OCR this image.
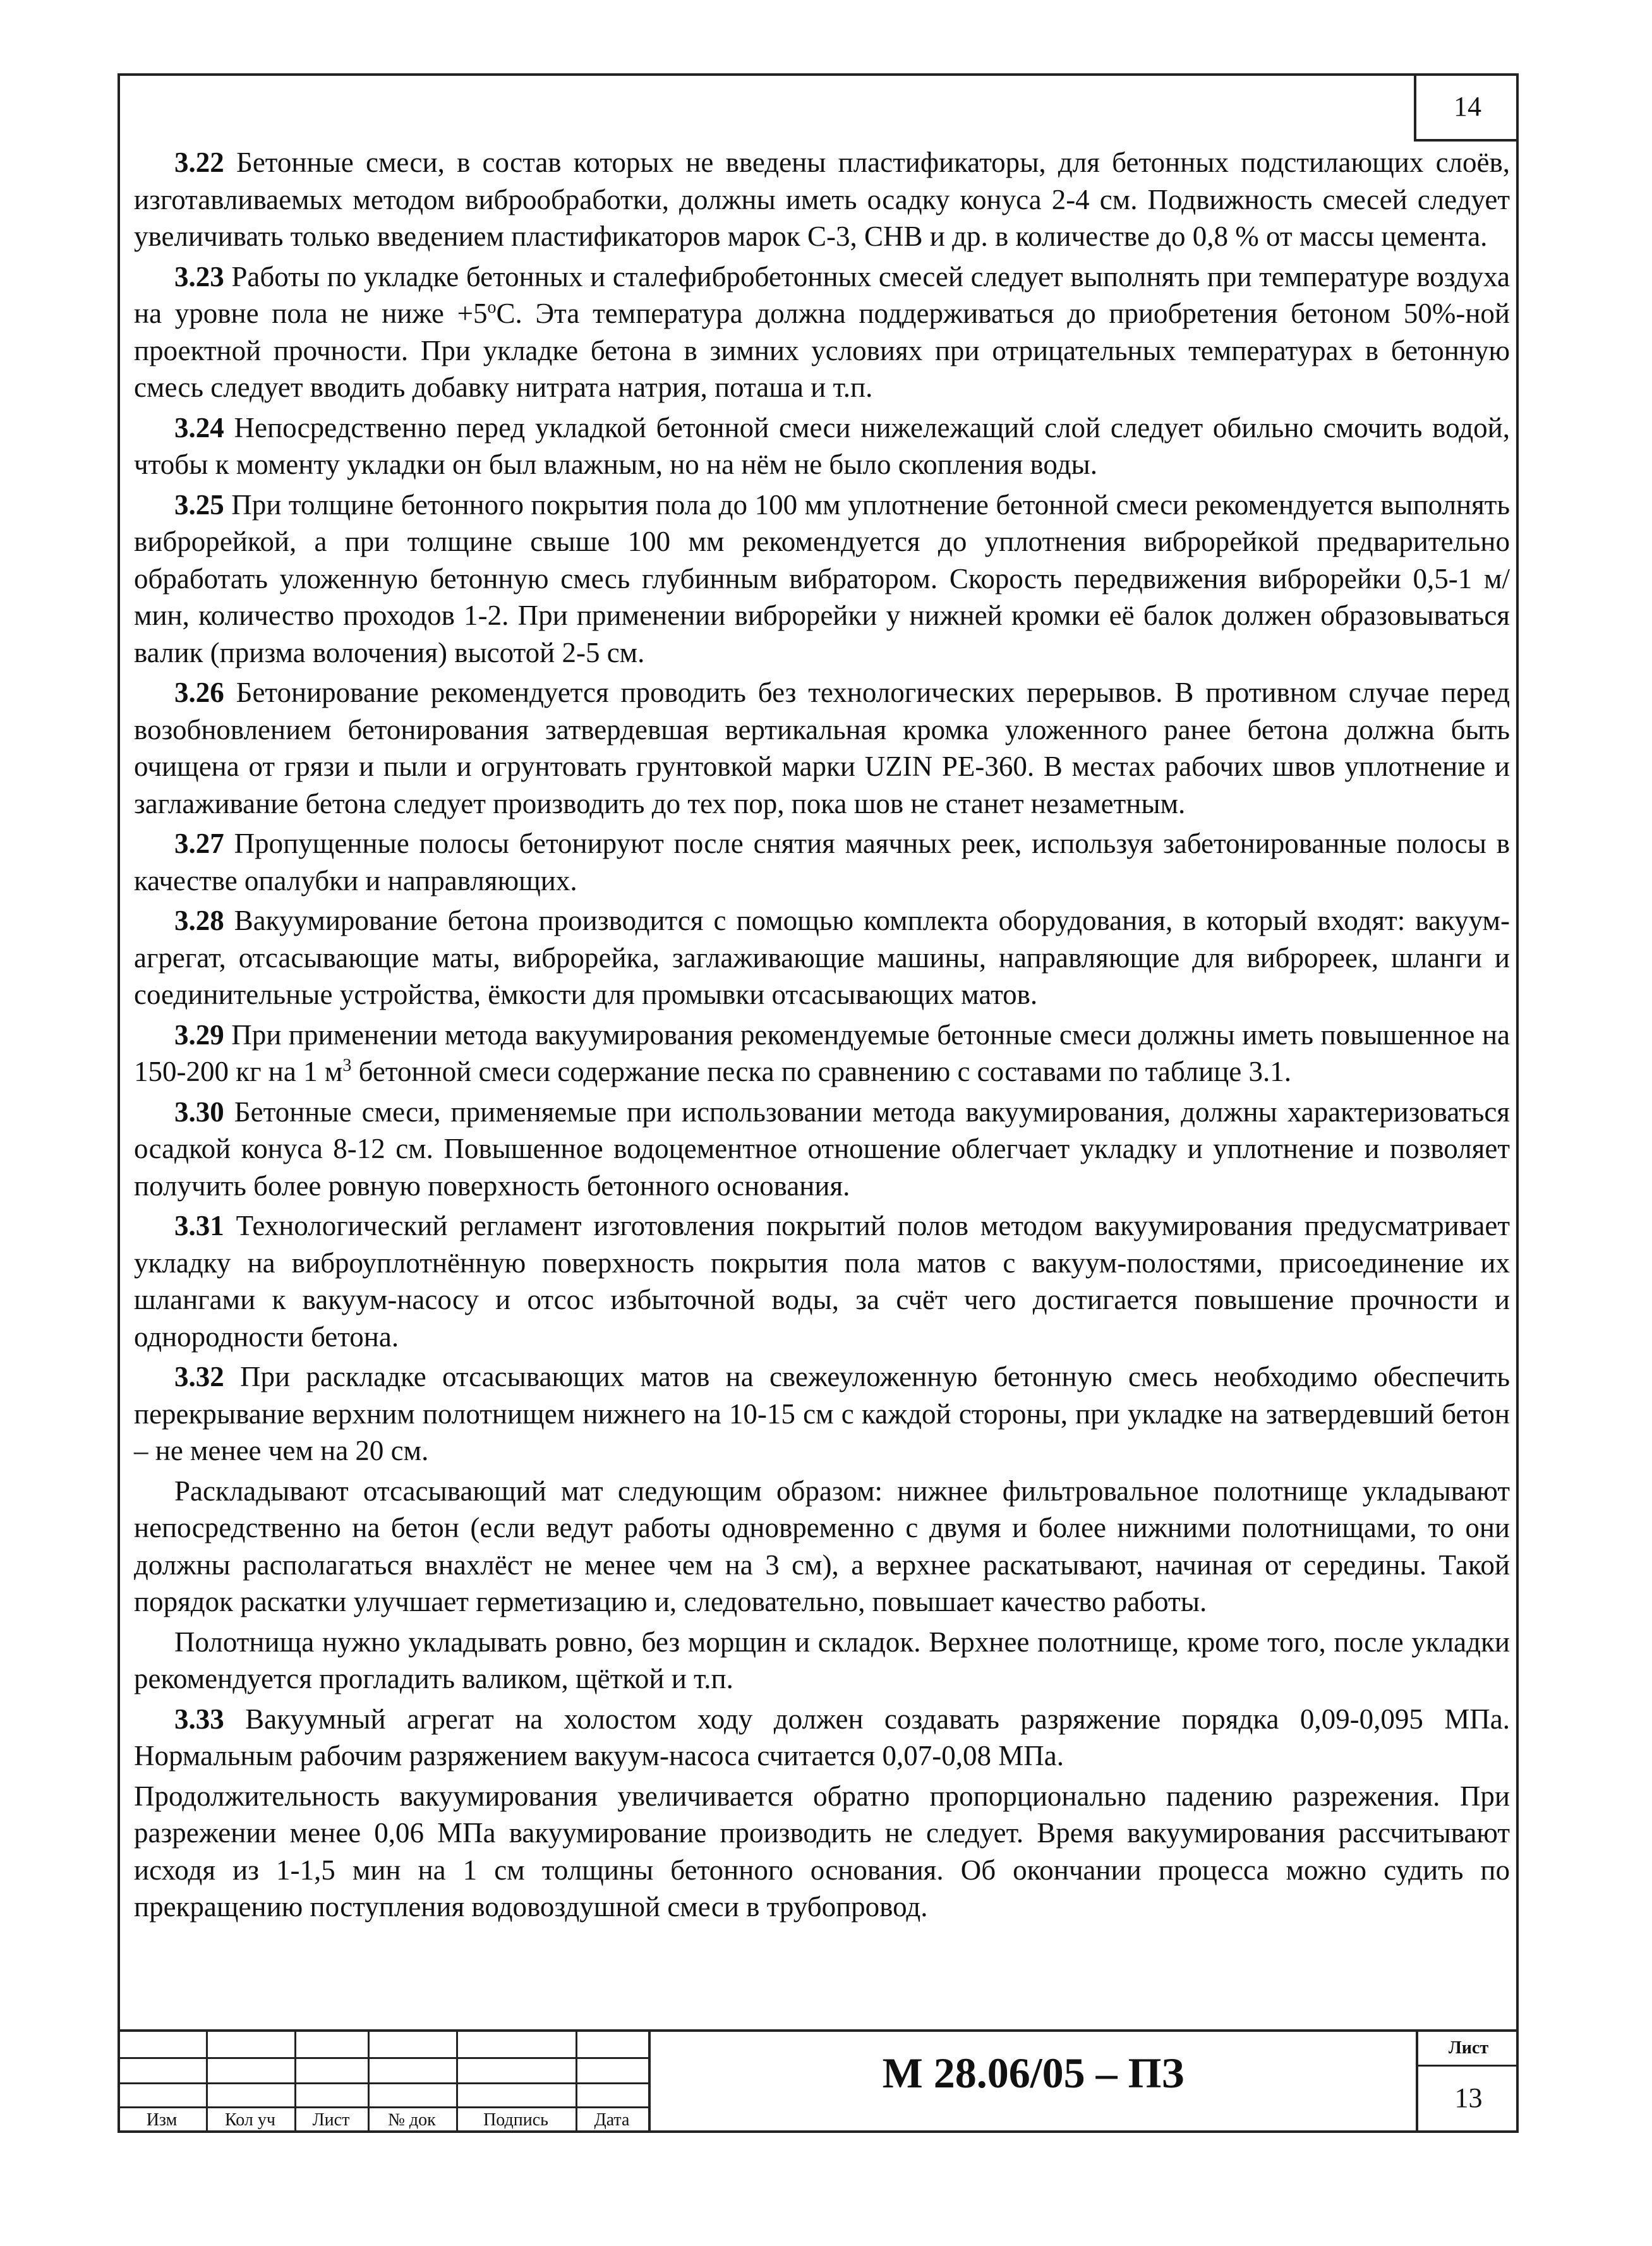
14

3.22 Бетонные смеси, в состав которых не введены пластификаторы, для бетонных подстилающих слоёв, изготавливаемых методом виброобработки, должны иметь осадку конуса 2-4 см. Подвижность смесей следует увеличивать только введением пластификаторов марок С-3, СНВ и др. в количестве до 0,8 % от массы цемента.

3.23 Работы по укладке бетонных и сталефибробетонных смесей следует выполнять при температуре воздуха на уровне пола не ниже $+5^oС$. Эта температура должна поддерживаться до приобретения бетоном 50%-ной проектной прочности. При укладке бетона в зимних условиях при отрицательных температурах в бетонную смесь следует вводить добавку нитрата натрия, поташа и т.п.

3.24 Непосредственно перед укладкой бетонной смеси нижележащий слой следует обильно смочить водой, чтобы к моменту укладки он был влажным, но на нём не было скопления воды.

3.25 При толщине бетонного покрытия пола до 100 мм уплотнение бетонной смеси рекомендуется выполнять виброрейкой, а при толщине свыше 100 мм рекомендуется до уплотнения виброрейкой предварительно обработать уложенную бетонную смесь глубинным вибратором. Скорость передвижения виброрейки 0,5-1 м/мин, количество проходов 1-2. При применении виброрейки у нижней кромки её балок должен образовываться валик (призма волочения) высотой 2-5 см.

3.26 Бетонирование рекомендуется проводить без технологических перерывов. В противном случае перед возобновлением бетонирования затвердевшая вертикальная кромка уложенного ранее бетона должна быть очищена от грязи и пыли и огрунтовать грунтовкой марки UZIN PE-360. В местах рабочих швов уплотнение и заглаживание бетона следует производить до тех пор, пока шов не станет незаметным.

3.27 Пропущенные полосы бетонируют после снятия маячных реек, используя забетонированные полосы в качестве опалубки и направляющих.

3.28 Вакуумирование бетона производится с помощью комплекта оборудования, в который входят: вакуум-агрегат, отсасывающие маты, виброрейка, заглаживающие машины, направляющие для виброреек, шланги и соединительные устройства, ёмкости для промывки отсасывающих матов.

3.29 При применении метода вакуумирования рекомендуемые бетонные смеси должны иметь повышенное на 150-200 кг на 1 $м^3$ бетонной смеси содержание песка по сравнению с составами по таблице 3.1.

3.30 Бетонные смеси, применяемые при использовании метода вакуумирования, должны характеризоваться осадкой конуса 8-12 см. Повышенное водоцементное отношение облегчает укладку и уплотнение и позволяет получить более ровную поверхность бетонного основания.

3.31 Технологический регламент изготовления покрытий полов методом вакуумирования предусматривает укладку на виброуплотнённую поверхность покрытия пола матов с вакуум-полостями, присоединение их шлангами к вакуум-насосу и отсос избыточной воды, за счёт чего достигается повышение прочности и однородности бетона.

3.32 При раскладке отсасывающих матов на свежеуложенную бетонную смесь необходимо обеспечить перекрывание верхним полотнищем нижнего на 10-15 см с каждой стороны, при укладке на затвердевший бетон – не менее чем на 20 см.

Раскладывают отсасывающий мат следующим образом: нижнее фильтровальное полотнище укладывают непосредственно на бетон (если ведут работы одновременно с двумя и более нижними полотнищами, то они должны располагаться внахлёст не менее чем на 3 см), а верхнее раскатывают, начиная от середины. Такой порядок раскатки улучшает герметизацию и, следовательно, повышает качество работы.

Полотнища нужно укладывать ровно, без морщин и складок. Верхнее полотнище, кроме того, после укладки рекомендуется прогладить валиком, щёткой и т.п.

3.33 Вакуумный агрегат на холостом ходу должен создавать разряжение порядка 0,09-0,095 МПа. Нормальным рабочим разряжением вакуум-насоса считается 0,07-0,08 МПа.

Продолжительность вакуумирования увеличивается обратно пропорционально падению разрежения. При разрежении менее 0,06 МПа вакуумирование производить не следует. Время вакуумирования рассчитывают исходя из 1-1,5 мин на 1 см толщины бетонного основания. Об окончании процесса можно судить по прекращению поступления водовоздушной смеси в трубопровод.

Изм	Кол уч	Лист	№ док	Подпись	Дата
М 28.06/05 – ПЗ
Лист
13
